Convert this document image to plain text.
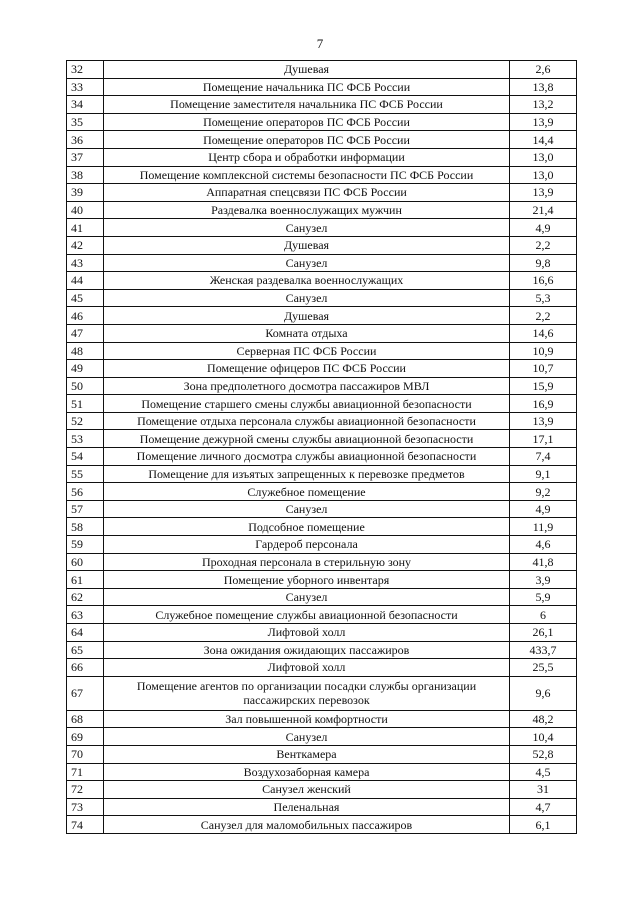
7
32	Душевая	2,6
33	Помещение начальника ПС ФСБ России	13,8
34	Помещение заместителя начальника ПС ФСБ России	13,2
35	Помещение операторов ПС ФСБ России	13,9
36	Помещение операторов ПС ФСБ России	14,4
37	Центр сбора и обработки информации	13,0
38	Помещение комплексной системы безопасности ПС ФСБ России	13,0
39	Аппаратная спецсвязи ПС ФСБ России	13,9
40	Раздевалка военнослужащих мужчин	21,4
41	Санузел	4,9
42	Душевая	2,2
43	Санузел	9,8
44	Женская раздевалка военнослужащих	16,6
45	Санузел	5,3
46	Душевая	2,2
47	Комната отдыха	14,6
48	Серверная ПС ФСБ России	10,9
49	Помещение офицеров ПС ФСБ России	10,7
50	Зона предполетного досмотра пассажиров МВЛ	15,9
51	Помещение старшего смены службы авиационной безопасности	16,9
52	Помещение отдыха персонала службы авиационной безопасности	13,9
53	Помещение дежурной смены службы авиационной безопасности	17,1
54	Помещение личного досмотра службы авиационной безопасности	7,4
55	Помещение для изъятых запрещенных к перевозке предметов	9,1
56	Служебное помещение	9,2
57	Санузел	4,9
58	Подсобное помещение	11,9
59	Гардероб персонала	4,6
60	Проходная персонала в стерильную зону	41,8
61	Помещение уборного инвентаря	3,9
62	Санузел	5,9
63	Служебное помещение службы авиационной безопасности	6
64	Лифтовой холл	26,1
65	Зона ожидания ожидающих пассажиров	433,7
66	Лифтовой холл	25,5
67	Помещение агентов по организации посадки службы организации пассажирских перевозок	9,6
68	Зал повышенной комфортности	48,2
69	Санузел	10,4
70	Венткамера	52,8
71	Воздухозаборная камера	4,5
72	Санузел женский	31
73	Пеленальная	4,7
74	Санузел для маломобильных пассажиров	6,1
